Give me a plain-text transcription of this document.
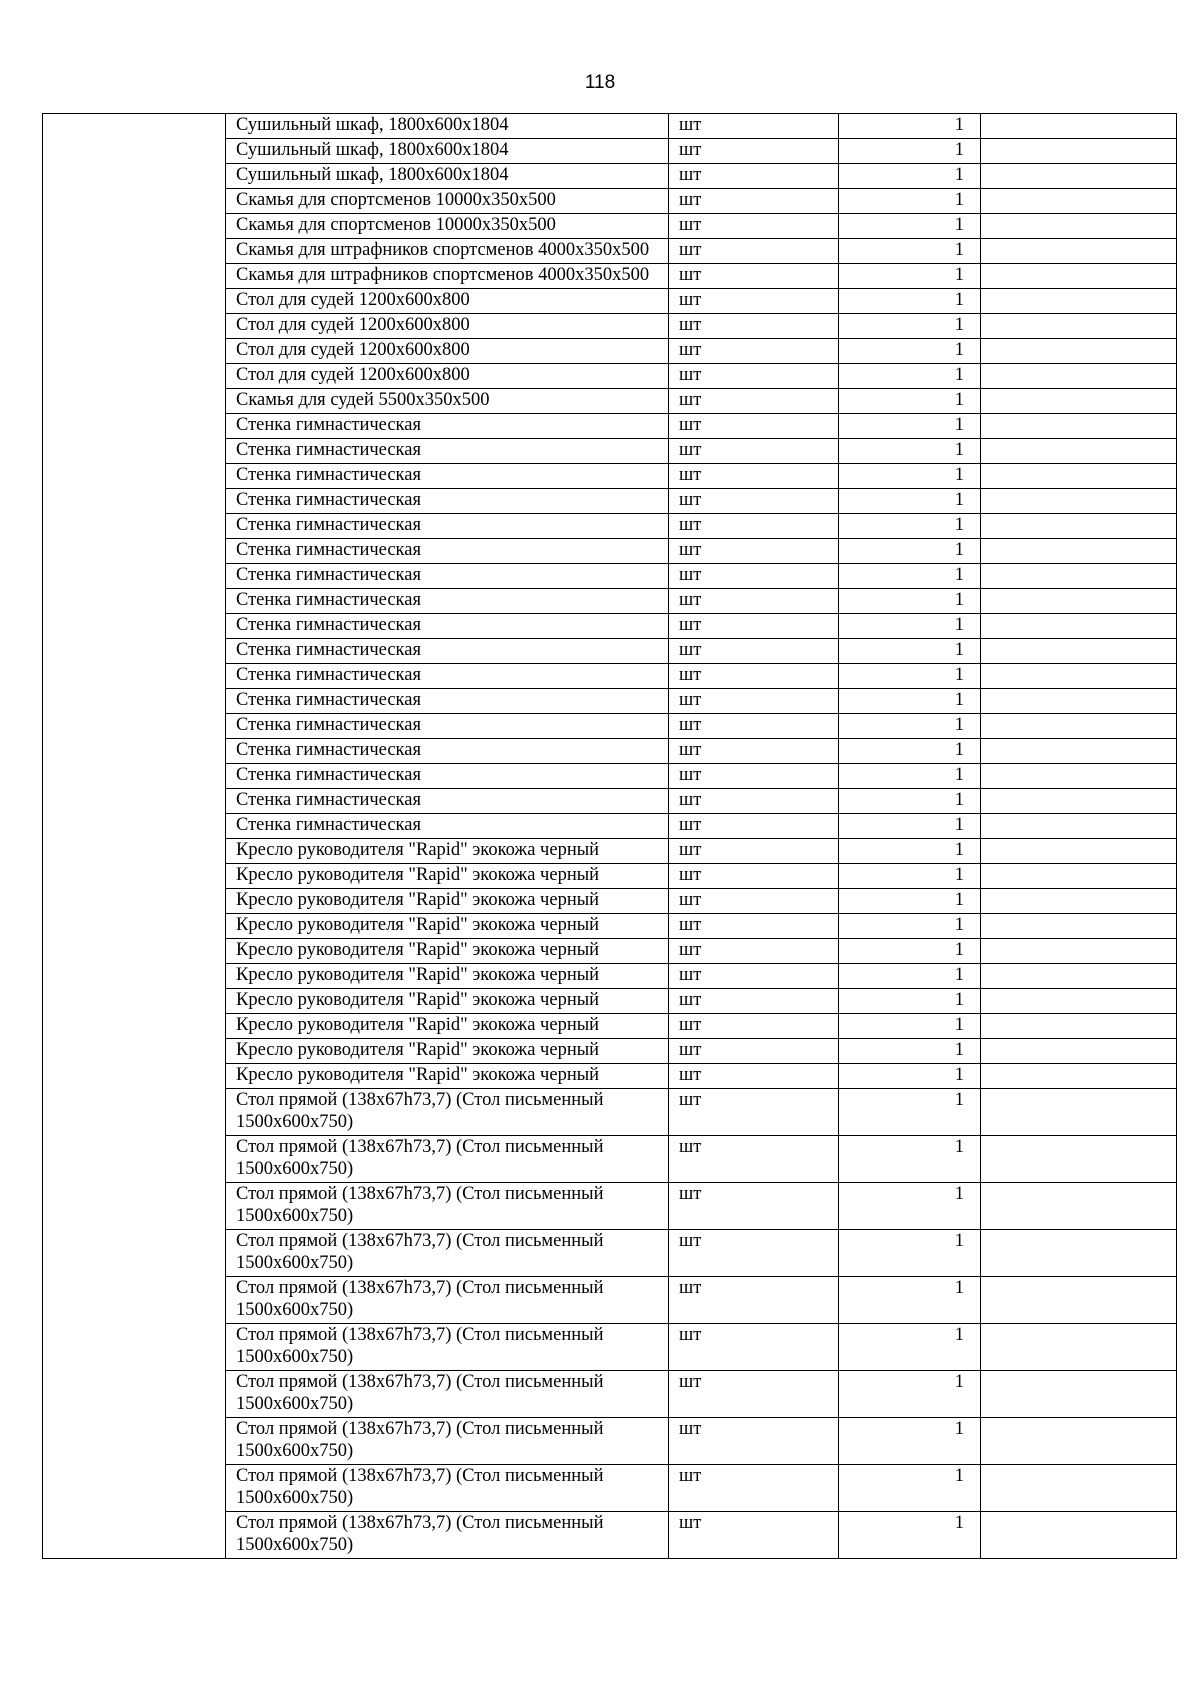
118
	Сушильный шкаф, 1800х600х1804	шт	1	
	Сушильный шкаф, 1800х600х1804	шт	1	
	Сушильный шкаф, 1800х600х1804	шт	1	
	Скамья для спортсменов 10000х350х500	шт	1	
	Скамья для спортсменов 10000х350х500	шт	1	
	Скамья для штрафников спортсменов 4000х350х500	шт	1	
	Скамья для штрафников спортсменов 4000х350х500	шт	1	
	Стол для судей 1200х600х800	шт	1	
	Стол для судей 1200х600х800	шт	1	
	Стол для судей 1200х600х800	шт	1	
	Стол для судей 1200х600х800	шт	1	
	Скамья для судей 5500х350х500	шт	1	
	Стенка гимнастическая	шт	1	
	Стенка гимнастическая	шт	1	
	Стенка гимнастическая	шт	1	
	Стенка гимнастическая	шт	1	
	Стенка гимнастическая	шт	1	
	Стенка гимнастическая	шт	1	
	Стенка гимнастическая	шт	1	
	Стенка гимнастическая	шт	1	
	Стенка гимнастическая	шт	1	
	Стенка гимнастическая	шт	1	
	Стенка гимнастическая	шт	1	
	Стенка гимнастическая	шт	1	
	Стенка гимнастическая	шт	1	
	Стенка гимнастическая	шт	1	
	Стенка гимнастическая	шт	1	
	Стенка гимнастическая	шт	1	
	Стенка гимнастическая	шт	1	
	Кресло руководителя "Rapid" экокожа черный	шт	1	
	Кресло руководителя "Rapid" экокожа черный	шт	1	
	Кресло руководителя "Rapid" экокожа черный	шт	1	
	Кресло руководителя "Rapid" экокожа черный	шт	1	
	Кресло руководителя "Rapid" экокожа черный	шт	1	
	Кресло руководителя "Rapid" экокожа черный	шт	1	
	Кресло руководителя "Rapid" экокожа черный	шт	1	
	Кресло руководителя "Rapid" экокожа черный	шт	1	
	Кресло руководителя "Rapid" экокожа черный	шт	1	
	Кресло руководителя "Rapid" экокожа черный	шт	1	
	Стол прямой (138х67h73,7) (Стол письменный 1500х600х750)	шт	1	
	Стол прямой (138х67h73,7) (Стол письменный 1500х600х750)	шт	1	
	Стол прямой (138х67h73,7) (Стол письменный 1500х600х750)	шт	1	
	Стол прямой (138х67h73,7) (Стол письменный 1500х600х750)	шт	1	
	Стол прямой (138х67h73,7) (Стол письменный 1500х600х750)	шт	1	
	Стол прямой (138х67h73,7) (Стол письменный 1500х600х750)	шт	1	
	Стол прямой (138х67h73,7) (Стол письменный 1500х600х750)	шт	1	
	Стол прямой (138х67h73,7) (Стол письменный 1500х600х750)	шт	1	
	Стол прямой (138х67h73,7) (Стол письменный 1500х600х750)	шт	1	
	Стол прямой (138х67h73,7) (Стол письменный 1500х600х750)	шт	1	
